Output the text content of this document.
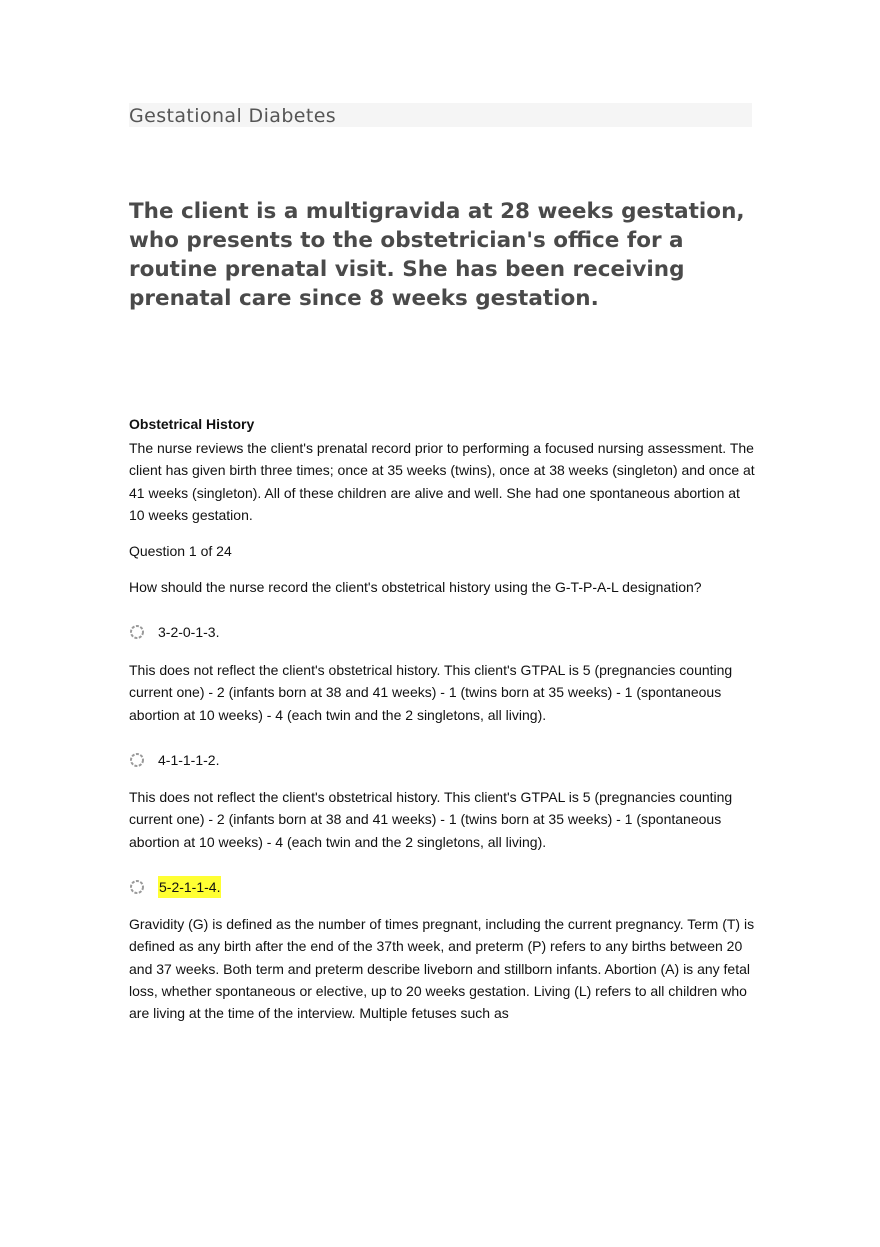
Gestational Diabetes
The client is a multigravida at 28 weeks gestation, who presents to the obstetrician's oﬃce for a routine prenatal visit. She has been receiving prenatal care since 8 weeks gestation.
Obstetrical History
The nurse reviews the client's prenatal record prior to performing a focused nursing assessment. The client has given birth three times; once at 35 weeks (twins), once at 38 weeks (singleton) and once at 41 weeks (singleton). All of these children are alive and well. She had one spontaneous abortion at 10 weeks gestation.
Question 1 of 24
How should the nurse record the client's obstetrical history using the G-T-P-A-L designation?
3-2-0-1-3.
This does not reflect the client's obstetrical history. This client's GTPAL is 5 (pregnancies counting current one) - 2 (infants born at 38 and 41 weeks) - 1 (twins born at 35 weeks) - 1 (spontaneous abortion at 10 weeks) - 4 (each twin and the 2 singletons, all living).
4-1-1-1-2.
This does not reflect the client's obstetrical history. This client's GTPAL is 5 (pregnancies counting current one) - 2 (infants born at 38 and 41 weeks) - 1 (twins born at 35 weeks) - 1 (spontaneous abortion at 10 weeks) - 4 (each twin and the 2 singletons, all living).
5-2-1-1-4.
Gravidity (G) is defined as the number of times pregnant, including the current pregnancy. Term (T) is defined as any birth after the end of the 37th week, and preterm (P) refers to any births between 20 and 37 weeks. Both term and preterm describe liveborn and stillborn infants. Abortion (A) is any fetal loss, whether spontaneous or elective, up to 20 weeks gestation. Living (L) refers to all children who are living at the time of the interview. Multiple fetuses such as
